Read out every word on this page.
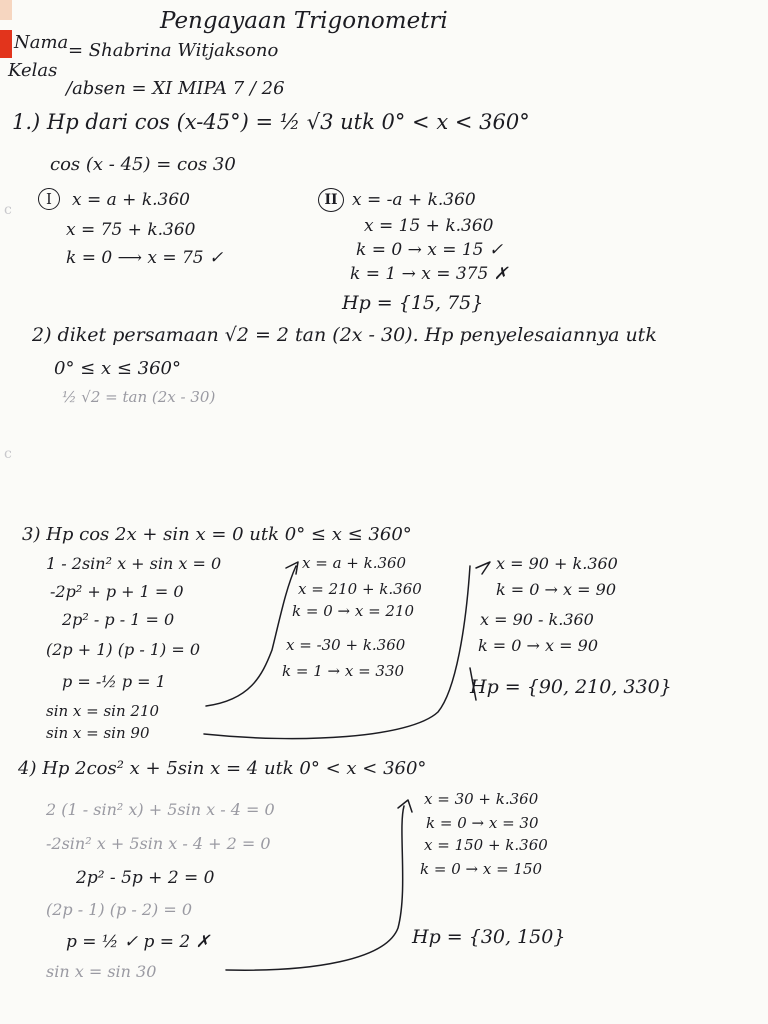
c
c
Pengayaan Trigonometri
Nama = Shabrina Witjaksono
Kelas
/absen = XI MIPA 7 / 26
1.) Hp dari cos (x-45°) = ½ √3 utk 0° < x < 360°
cos (x - 45) = cos 30
I	x = a + k.360
x = 75 + k.360
k = 0 ⟶ x = 75 ✓
II x = -a + k.360
x = 15 + k.360
k = 0 → x = 15 ✓
k = 1 → x = 375 ✗
Hp = {15, 75}
2) diket persamaan √2 = 2 tan (2x - 30). Hp penyelesaiannya utk
0° ≤ x ≤ 360°
½ √2 = tan (2x - 30)
3) Hp cos 2x + sin x = 0 utk 0° ≤ x ≤ 360°
1 - 2sin² x + sin x = 0
-2p² + p + 1 = 0
2p² - p - 1 = 0
(2p + 1) (p - 1) = 0
p = -½ p = 1
sin x = sin 210
sin x = sin 90
x = a + k.360
x = 210 + k.360
k = 0 → x = 210
x = -30 + k.360
k = 1 → x = 330
x = 90 + k.360
k = 0 → x = 90
x = 90 - k.360
k = 0 → x = 90
Hp = {90, 210, 330}
4) Hp 2cos² x + 5sin x = 4 utk 0° < x < 360°
2 (1 - sin² x) + 5sin x - 4 = 0
-2sin² x + 5sin x - 4 + 2 = 0
2p² - 5p + 2 = 0
(2p - 1) (p - 2) = 0
p = ½ ✓ p = 2 ✗
sin x = sin 30
x = 30 + k.360
k = 0 → x = 30
x = 150 + k.360
k = 0 → x = 150
Hp = {30, 150}
